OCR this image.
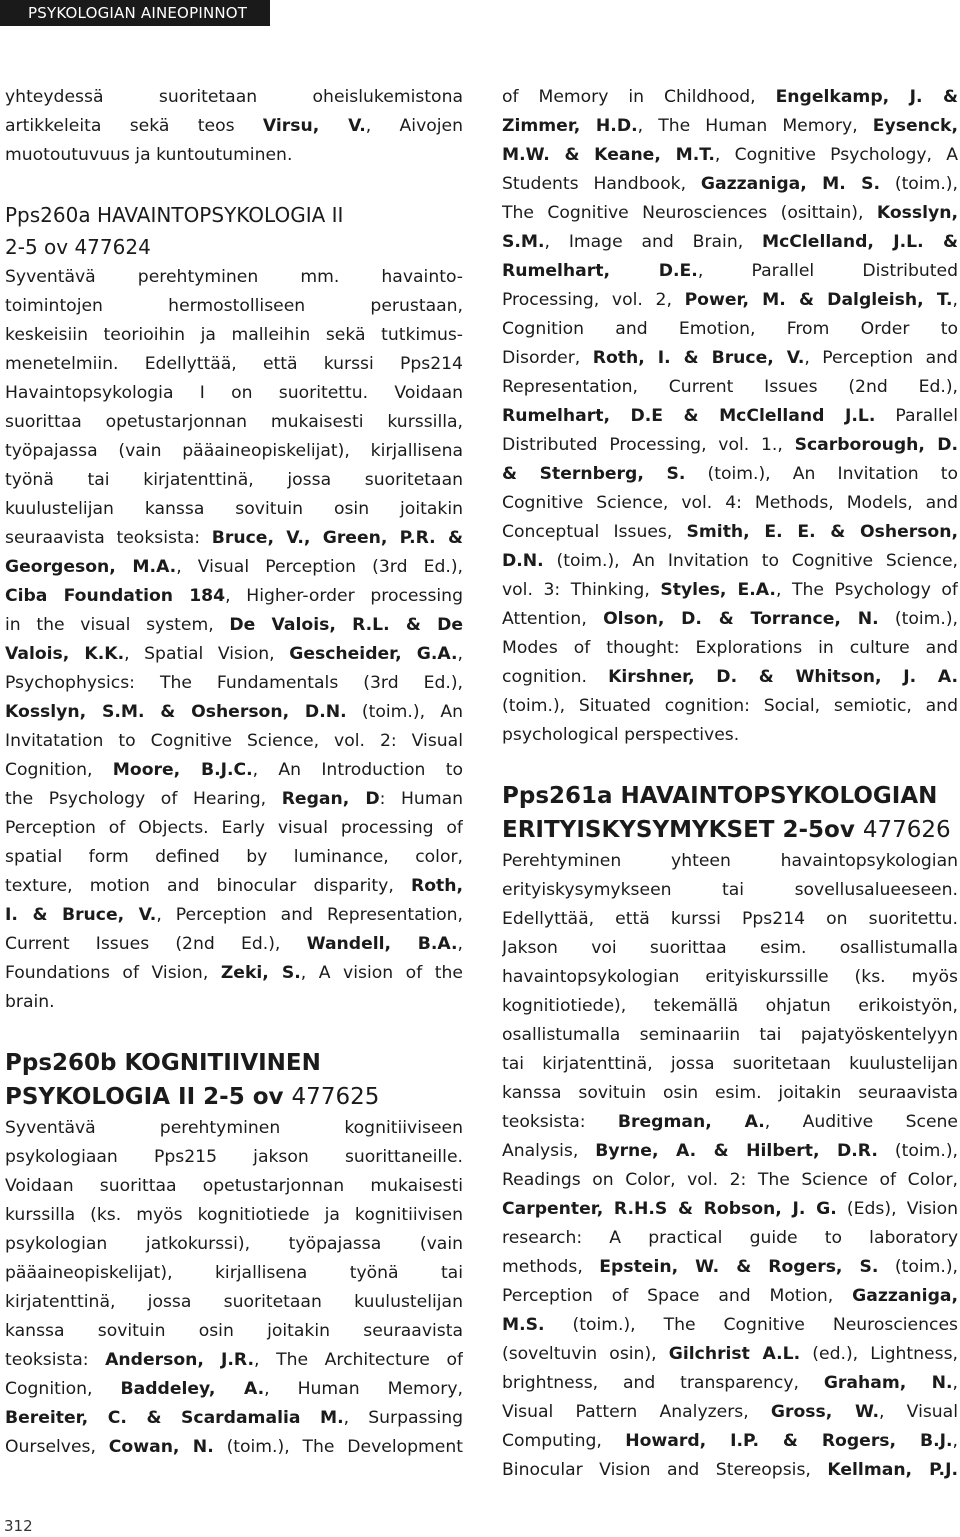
PSYKOLOGIAN AINEOPINNOT
yhteydessä suoritetaan oheislukemistona
artikkeleita sekä teos Virsu, V., Aivojen
muotoutuvuus ja kuntoutuminen.
Pps260a HAVAINTOPSYKOLOGIA II
2-5 ov 477624
Syventävä perehtyminen mm. havainto-
toimintojen hermostolliseen perustaan,
keskeisiin teorioihin ja malleihin sekä tutkimus-
menetelmiin. Edellyttää, että kurssi Pps214
Havaintopsykologia I on suoritettu. Voidaan
suorittaa opetustarjonnan mukaisesti kurssilla,
työpajassa (vain pääaineopiskelijat), kirjallisena
työnä tai kirjatenttinä, jossa suoritetaan
kuulustelijan kanssa sovituin osin joitakin
seuraavista teoksista: Bruce, V., Green, P.R. &
Georgeson, M.A., Visual Perception (3rd Ed.),
Ciba Foundation 184, Higher-order processing
in the visual system, De Valois, R.L. & De
Valois, K.K., Spatial Vision, Gescheider, G.A.,
Psychophysics: The Fundamentals (3rd Ed.),
Kosslyn, S.M. & Osherson, D.N. (toim.), An
Invitatation to Cognitive Science, vol. 2: Visual
Cognition, Moore, B.J.C., An Introduction to
the Psychology of Hearing, Regan, D: Human
Perception of Objects. Early visual processing of
spatial form defined by luminance, color,
texture, motion and binocular disparity, Roth,
I. & Bruce, V., Perception and Representation,
Current Issues (2nd Ed.), Wandell, B.A.,
Foundations of Vision, Zeki, S., A vision of the
brain.
Pps260b KOGNITIIVINEN
PSYKOLOGIA II 2-5 ov 477625
Syventävä perehtyminen kognitiiviseen
psykologiaan Pps215 jakson suorittaneille.
Voidaan suorittaa opetustarjonnan mukaisesti
kurssilla (ks. myös kognitiotiede ja kognitiivisen
psykologian jatkokurssi), työpajassa (vain
pääaineopiskelijat), kirjallisena työnä tai
kirjatenttinä, jossa suoritetaan kuulustelijan
kanssa sovituin osin joitakin seuraavista
teoksista: Anderson, J.R., The Architecture of
Cognition, Baddeley, A., Human Memory,
Bereiter, C. & Scardamalia M., Surpassing
Ourselves, Cowan, N. (toim.), The Development
of Memory in Childhood, Engelkamp, J. &
Zimmer, H.D., The Human Memory, Eysenck,
M.W. & Keane, M.T., Cognitive Psychology, A
Students Handbook, Gazzaniga, M. S. (toim.),
The Cognitive Neurosciences (osittain), Kosslyn,
S.M., Image and Brain, McClelland, J.L. &
Rumelhart, D.E., Parallel Distributed
Processing, vol. 2, Power, M. & Dalgleish, T.,
Cognition and Emotion, From Order to
Disorder, Roth, I. & Bruce, V., Perception and
Representation, Current Issues (2nd Ed.),
Rumelhart, D.E & McClelland J.L. Parallel
Distributed Processing, vol. 1., Scarborough, D.
& Sternberg, S. (toim.), An Invitation to
Cognitive Science, vol. 4: Methods, Models, and
Conceptual Issues, Smith, E. E. & Osherson,
D.N. (toim.), An Invitation to Cognitive Science,
vol. 3: Thinking, Styles, E.A., The Psychology of
Attention, Olson, D. & Torrance, N. (toim.),
Modes of thought: Explorations in culture and
cognition. Kirshner, D. & Whitson, J. A.
(toim.), Situated cognition: Social, semiotic, and
psychological perspectives.
Pps261a HAVAINTOPSYKOLOGIAN
ERITYISKYSYMYKSET 2-5ov 477626
Perehtyminen yhteen havaintopsykologian
erityiskysymykseen tai sovellusalueeseen.
Edellyttää, että kurssi Pps214 on suoritettu.
Jakson voi suorittaa esim. osallistumalla
havaintopsykologian erityiskurssille (ks. myös
kognitiotiede), tekemällä ohjatun erikoistyön,
osallistumalla seminaariin tai pajatyöskentelyyn
tai kirjatenttinä, jossa suoritetaan kuulustelijan
kanssa sovituin osin esim. joitakin seuraavista
teoksista: Bregman, A., Auditive Scene
Analysis, Byrne, A. & Hilbert, D.R. (toim.),
Readings on Color, vol. 2: The Science of Color,
Carpenter, R.H.S & Robson, J. G. (Eds), Vision
research: A practical guide to laboratory
methods, Epstein, W. & Rogers, S. (toim.),
Perception of Space and Motion, Gazzaniga,
M.S. (toim.), The Cognitive Neurosciences
(soveltuvin osin), Gilchrist A.L. (ed.), Lightness,
brightness, and transparency, Graham, N.,
Visual Pattern Analyzers, Gross, W., Visual
Computing, Howard, I.P. & Rogers, B.J.,
Binocular Vision and Stereopsis, Kellman, P.J.
312
